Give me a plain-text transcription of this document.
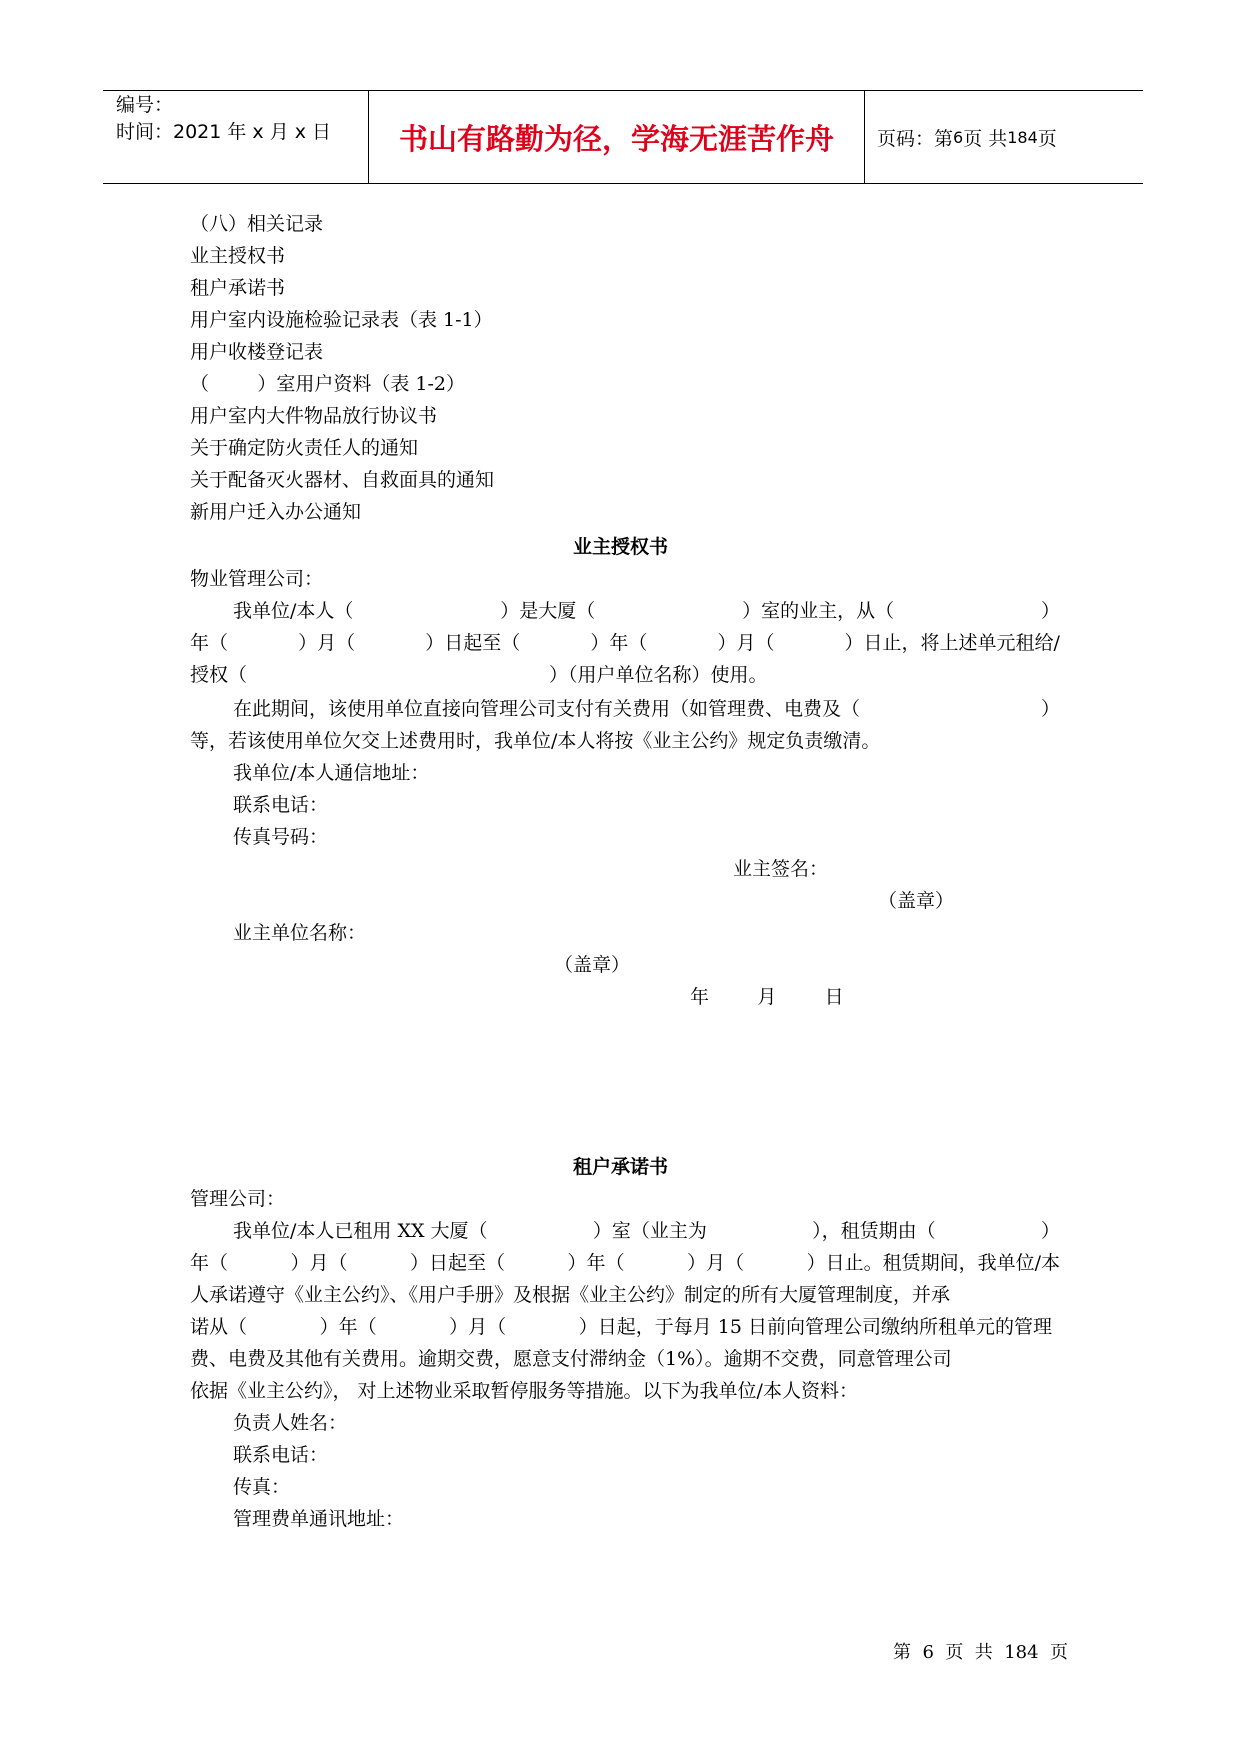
编号：
时间：2021 年 x 月 x 日	书山有路勤为径，学海无涯苦作舟	页码：第 6 页 共 184 页
（八）相关记录
业主授权书
租户承诺书
用户室内设施检验记录表（表 1-1）
用户收楼登记表
（        ）室用户资料（表 1-2）
用户室内大件物品放行协议书
关于确定防火责任人的通知
关于配备灭火器材、自救面具的通知
新用户迁入办公通知
业主授权书
物业管理公司：
我单位/本人（	）是大厦（	）室的业主，从（	）
年（	）月（	）日起至（	）年（	）月（	）日止，将上述单元租给/
授权（                                                  ）（用户单位名称）使用。
在此期间，该使用单位直接向管理公司支付有关费用（如管理费、电费及（	）
等，若该使用单位欠交上述费用时，我单位/本人将按《业主公约》规定负责缴清。
我单位/本人通信地址：
联系电话：
传真号码：
业主签名：
（盖章）
业主单位名称：
（盖章）
年        月        日
租户承诺书
管理公司：
我单位/本人已租用 XX 大厦（	）室（业主为	），租赁期由（	）
年（	）月（	）日起至（	）年（	）月（	）日止。租赁期间，我单位/本
人承诺遵守《业主公约》、《用户手册》及根据《业主公约》制定的所有大厦管理制度，并承
诺从（	）年（	）月（	）日起，于每月 15 日前向管理公司缴纳所租单元的管理
费、电费及其他有关费用。逾期交费，愿意支付滞纳金（1%）。逾期不交费，同意管理公司
依据《业主公约》， 对上述物业采取暂停服务等措施。以下为我单位/本人资料：
负责人姓名：
联系电话：
传真：
管理费单通讯地址：
第  6  页  共  184  页
